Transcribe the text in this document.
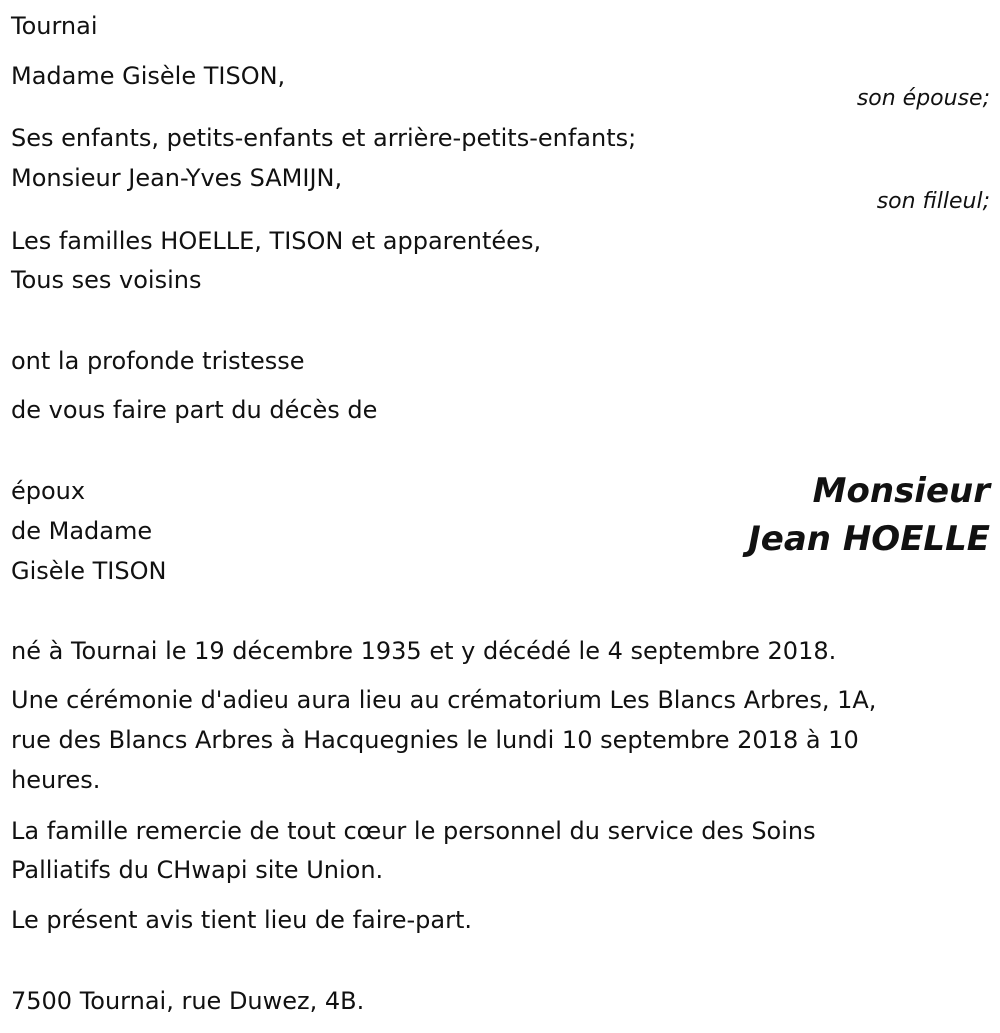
Tournai
Madame Gisèle TISON,
son épouse;
Ses enfants, petits-enfants et arrière-petits-enfants;
Monsieur Jean-Yves SAMIJN,
son filleul;
Les familles HOELLE, TISON et apparentées,
Tous ses voisins
ont la profonde tristesse
de vous faire part du décès de
époux
de Madame
Gisèle TISON
Monsieur
Jean HOELLE
né à Tournai le 19 décembre 1935 et y décédé le 4 septembre 2018.
Une cérémonie d'adieu aura lieu au crématorium Les Blancs Arbres, 1A,
rue des Blancs Arbres à Hacquegnies le lundi 10 septembre 2018 à 10
heures.
La famille remercie de tout cœur le personnel du service des Soins
Palliatifs du CHwapi site Union.
Le présent avis tient lieu de faire-part.
7500 Tournai, rue Duwez, 4B.
